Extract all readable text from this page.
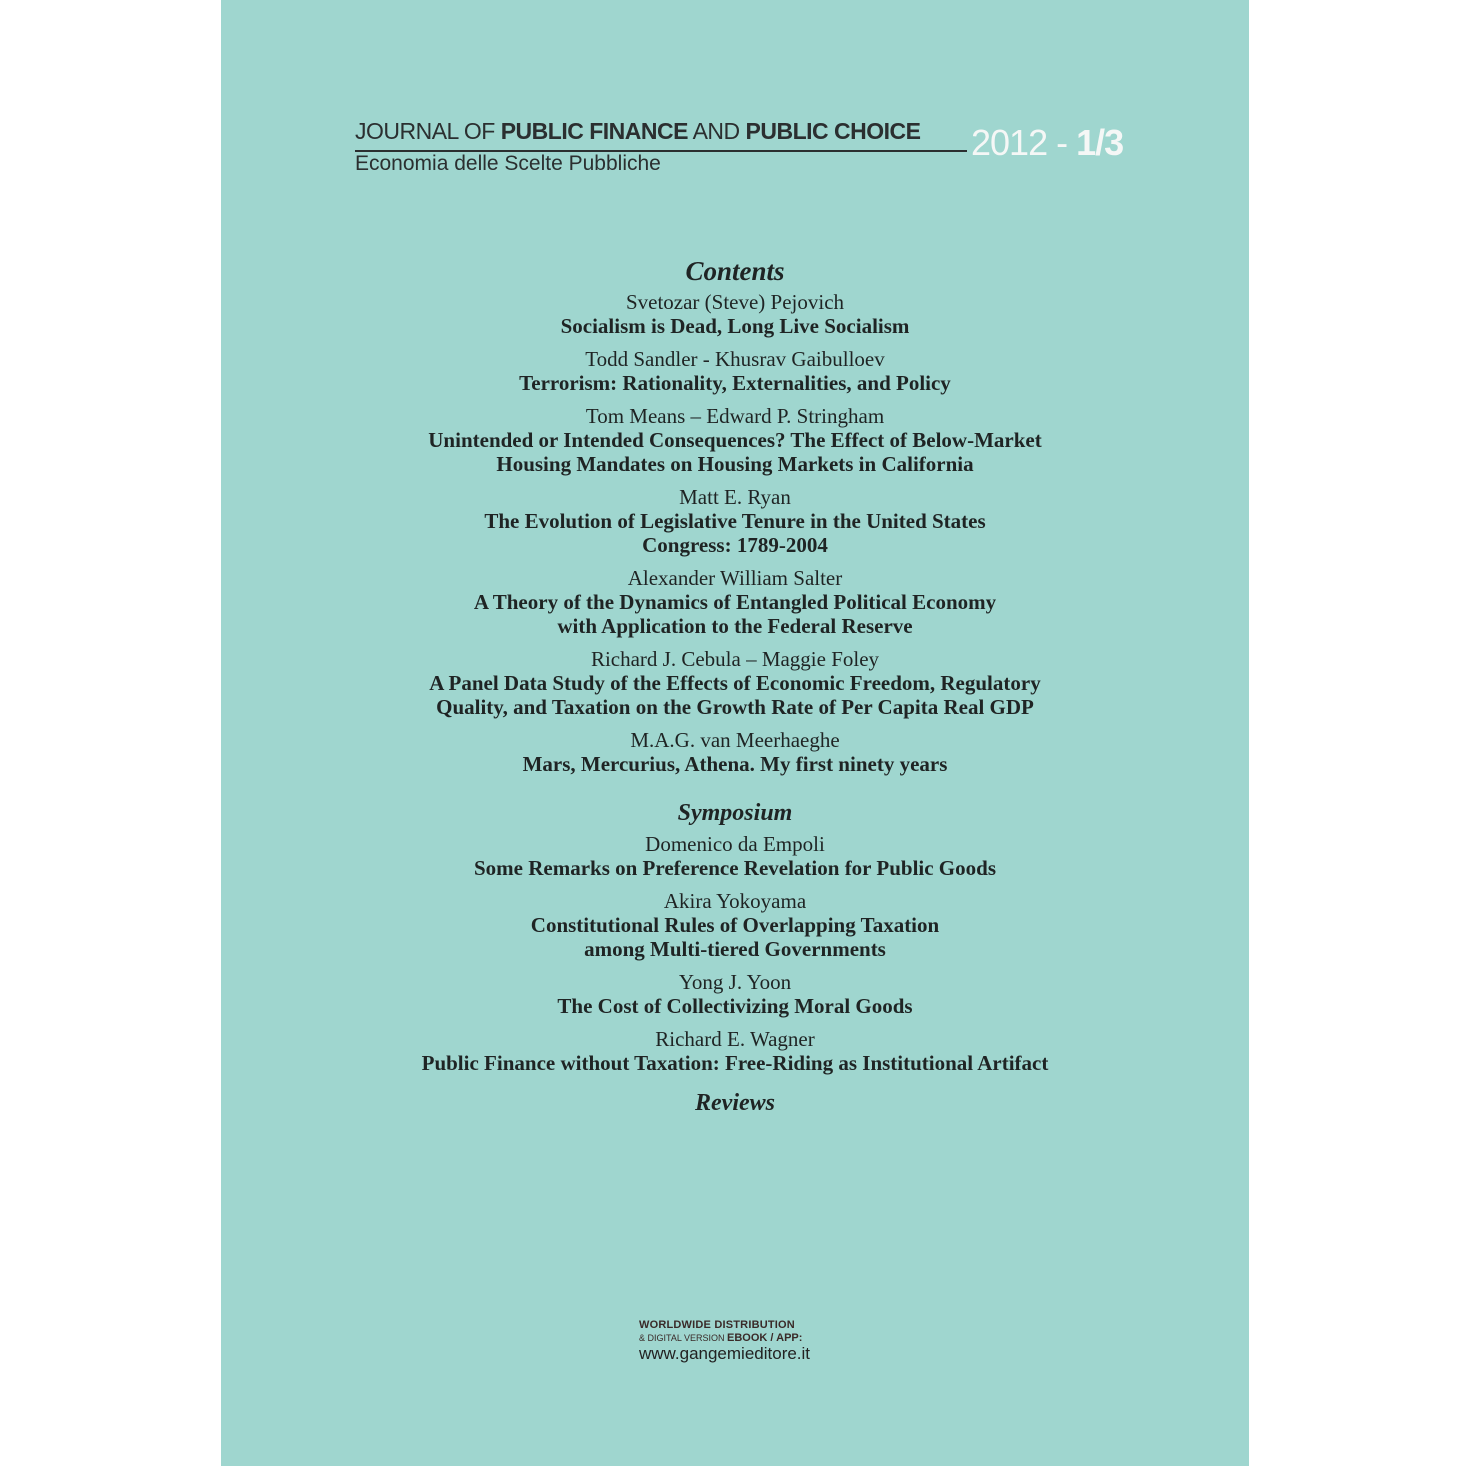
JOURNAL OF PUBLIC FINANCE AND PUBLIC CHOICE
Economia delle Scelte Pubbliche
2012 - 1/3
Contents
Svetozar (Steve) Pejovich
Socialism is Dead, Long Live Socialism
Todd Sandler - Khusrav Gaibulloev
Terrorism: Rationality, Externalities, and Policy
Tom Means – Edward P. Stringham
Unintended or Intended Consequences? The Effect of Below-Market
Housing Mandates on Housing Markets in California
Matt E. Ryan
The Evolution of Legislative Tenure in the United States
Congress: 1789-2004
Alexander William Salter
A Theory of the Dynamics of Entangled Political Economy
with Application to the Federal Reserve
Richard J. Cebula – Maggie Foley
A Panel Data Study of the Effects of Economic Freedom, Regulatory
Quality, and Taxation on the Growth Rate of Per Capita Real GDP
M.A.G. van Meerhaeghe
Mars, Mercurius, Athena. My first ninety years
Symposium
Domenico da Empoli
Some Remarks on Preference Revelation for Public Goods
Akira Yokoyama
Constitutional Rules of Overlapping Taxation
among Multi-tiered Governments
Yong J. Yoon
The Cost of Collectivizing Moral Goods
Richard E. Wagner
Public Finance without Taxation: Free-Riding as Institutional Artifact
Reviews
WORLDWIDE DISTRIBUTION
& DIGITAL VERSION EBOOK / APP:
www.gangemieditore.it
